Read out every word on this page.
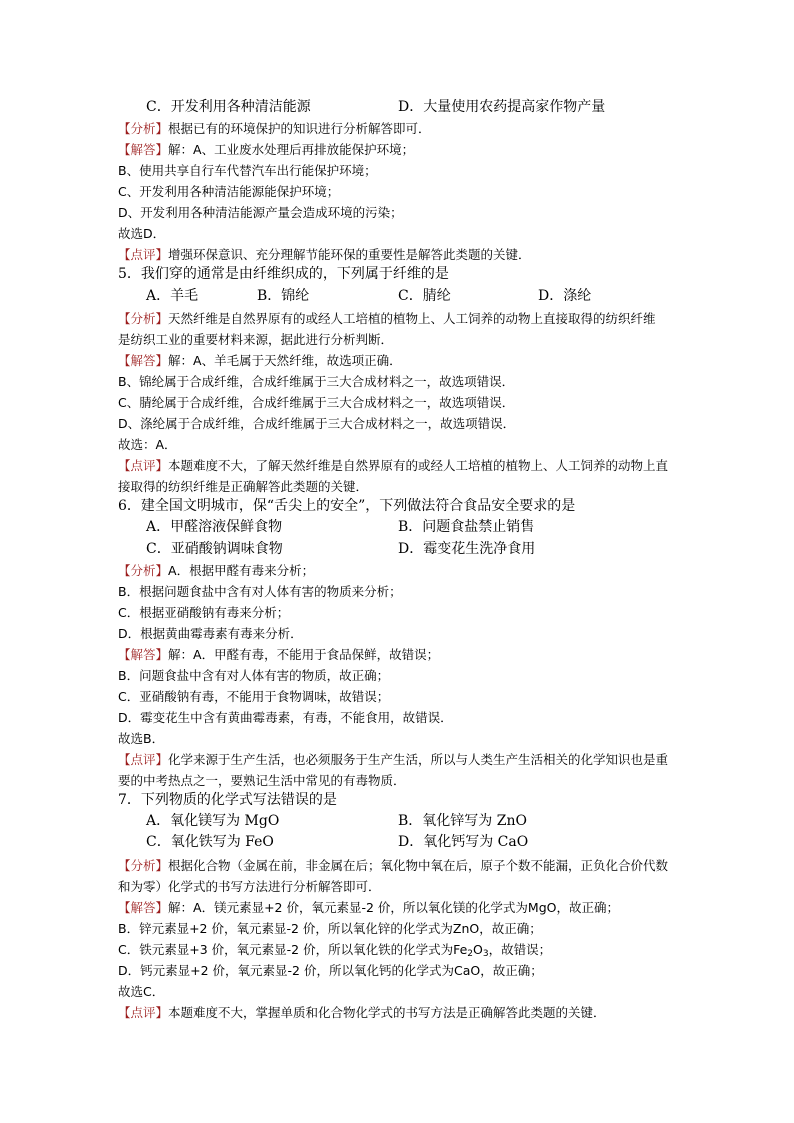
C．开发利用各种清洁能源	D．大量使用农药提高家作物产量
【分析】根据已有的环境保护的知识进行分析解答即可．
【解答】解：A、工业废水处理后再排放能保护环境；
B、使用共享自行车代替汽车出行能保护环境；
C、开发利用各种清洁能源能保护环境；
D、开发利用各种清洁能源产量会造成环境的污染；
故选D．
【点评】增强环保意识、充分理解节能环保的重要性是解答此类题的关键．
5．我们穿的通常是由纤维织成的，下列属于纤维的是
A．羊毛	B．锦纶	C．腈纶	D．涤纶
【分析】天然纤维是自然界原有的或经人工培植的植物上、人工饲养的动物上直接取得的纺织纤维
是纺织工业的重要材料来源，据此进行分析判断．
【解答】解：A、羊毛属于天然纤维，故选项正确．
B、锦纶属于合成纤维，合成纤维属于三大合成材料之一，故选项错误．
C、腈纶属于合成纤维，合成纤维属于三大合成材料之一，故选项错误．
D、涤纶属于合成纤维，合成纤维属于三大合成材料之一，故选项错误．
故选：A．
【点评】本题难度不大，了解天然纤维是自然界原有的或经人工培植的植物上、人工饲养的动物上直
接取得的纺织纤维是正确解答此类题的关键．
6．建全国文明城市，保“舌尖上的安全”，下列做法符合食品安全要求的是
A．甲醛溶液保鲜食物	B．问题食盐禁止销售
C．亚硝酸钠调味食物	D．霉变花生洗净食用
【分析】A．根据甲醛有毒来分析；
B．根据问题食盐中含有对人体有害的物质来分析；
C．根据亚硝酸钠有毒来分析；
D．根据黄曲霉毒素有毒来分析．
【解答】解：A．甲醛有毒，不能用于食品保鲜，故错误；
B．问题食盐中含有对人体有害的物质，故正确；
C．亚硝酸钠有毒，不能用于食物调味，故错误；
D．霉变花生中含有黄曲霉毒素，有毒，不能食用，故错误．
故选B．
【点评】化学来源于生产生活，也必须服务于生产生活，所以与人类生产生活相关的化学知识也是重
要的中考热点之一，要熟记生活中常见的有毒物质．
7．下列物质的化学式写法错误的是
A．氧化镁写为 MgO	B．氧化锌写为 ZnO
C．氧化铁写为 FeO	D．氧化钙写为 CaO
【分析】根据化合物（金属在前，非金属在后；氧化物中氧在后，原子个数不能漏，正负化合价代数
和为零）化学式的书写方法进行分析解答即可．
【解答】解：A．镁元素显+2 价，氧元素显-2 价，所以氧化镁的化学式为MgO，故正确；
B．锌元素显+2 价，氧元素显-2 价，所以氧化锌的化学式为ZnO，故正确；
C．铁元素显+3 价，氧元素显-2 价，所以氧化铁的化学式为$Fe_2O_3$，故错误；
D．钙元素显+2 价，氧元素显-2 价，所以氧化钙的化学式为CaO，故正确；
故选C．
【点评】本题难度不大，掌握单质和化合物化学式的书写方法是正确解答此类题的关键．
